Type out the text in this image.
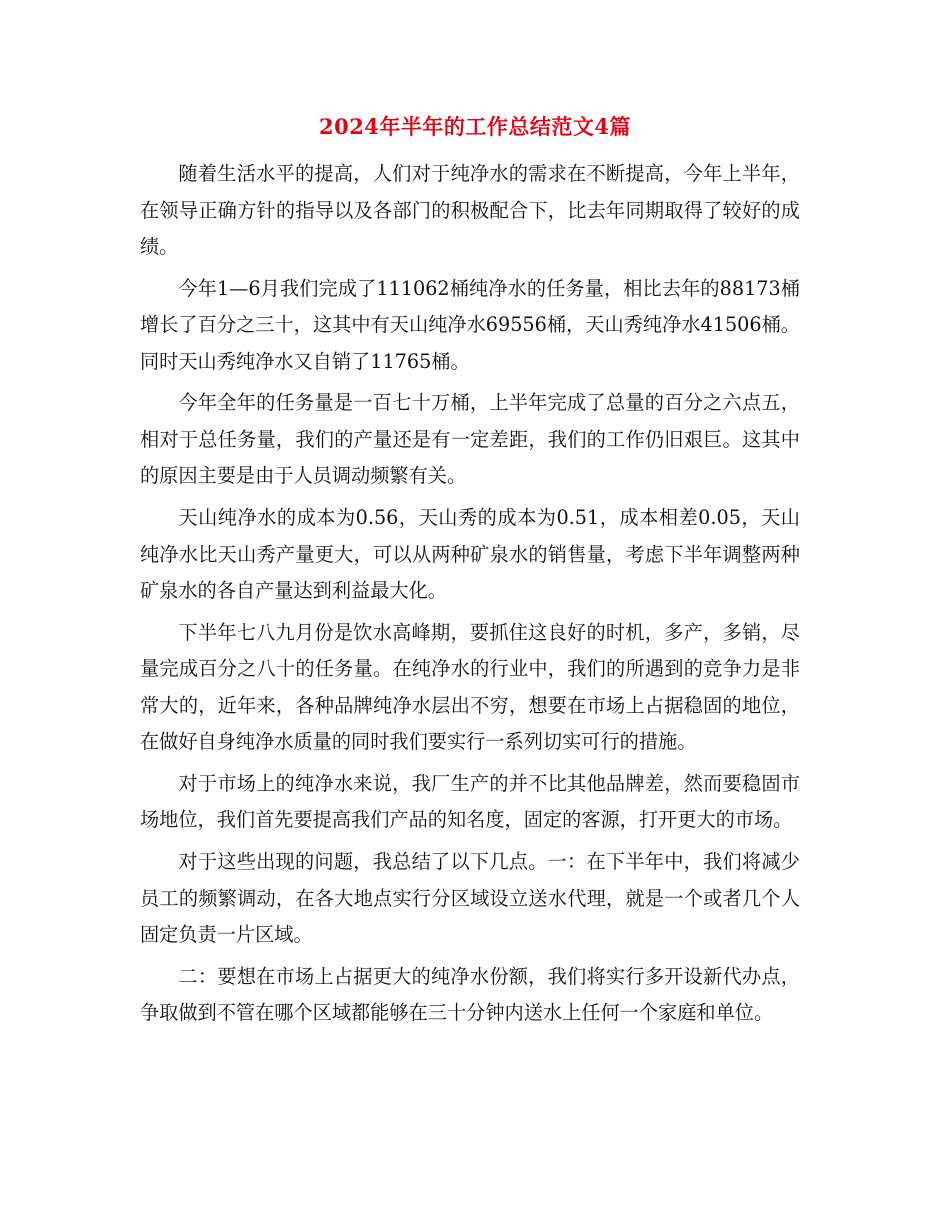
2024年半年的工作总结范文4篇

随着生活水平的提高，人们对于纯净水的需求在不断提高，今年上半年，在领导正确方针的指导以及各部门的积极配合下，比去年同期取得了较好的成绩。

今年1—6月我们完成了111062桶纯净水的任务量，相比去年的88173桶增长了百分之三十，这其中有天山纯净水69556桶，天山秀纯净水41506桶。同时天山秀纯净水又自销了11765桶。

今年全年的任务量是一百七十万桶，上半年完成了总量的百分之六点五，相对于总任务量，我们的产量还是有一定差距，我们的工作仍旧艰巨。这其中的原因主要是由于人员调动频繁有关。

天山纯净水的成本为0.56，天山秀的成本为0.51，成本相差0.05，天山纯净水比天山秀产量更大，可以从两种矿泉水的销售量，考虑下半年调整两种矿泉水的各自产量达到利益最大化。

下半年七八九月份是饮水高峰期，要抓住这良好的时机，多产，多销，尽量完成百分之八十的任务量。在纯净水的行业中，我们的所遇到的竞争力是非常大的，近年来，各种品牌纯净水层出不穷，想要在市场上占据稳固的地位，在做好自身纯净水质量的同时我们要实行一系列切实可行的措施。

对于市场上的纯净水来说，我厂生产的并不比其他品牌差，然而要稳固市场地位，我们首先要提高我们产品的知名度，固定的客源，打开更大的市场。

对于这些出现的问题，我总结了以下几点。一：在下半年中，我们将减少员工的频繁调动，在各大地点实行分区域设立送水代理，就是一个或者几个人固定负责一片区域。

二：要想在市场上占据更大的纯净水份额，我们将实行多开设新代办点，争取做到不管在哪个区域都能够在三十分钟内送水上任何一个家庭和单位。
